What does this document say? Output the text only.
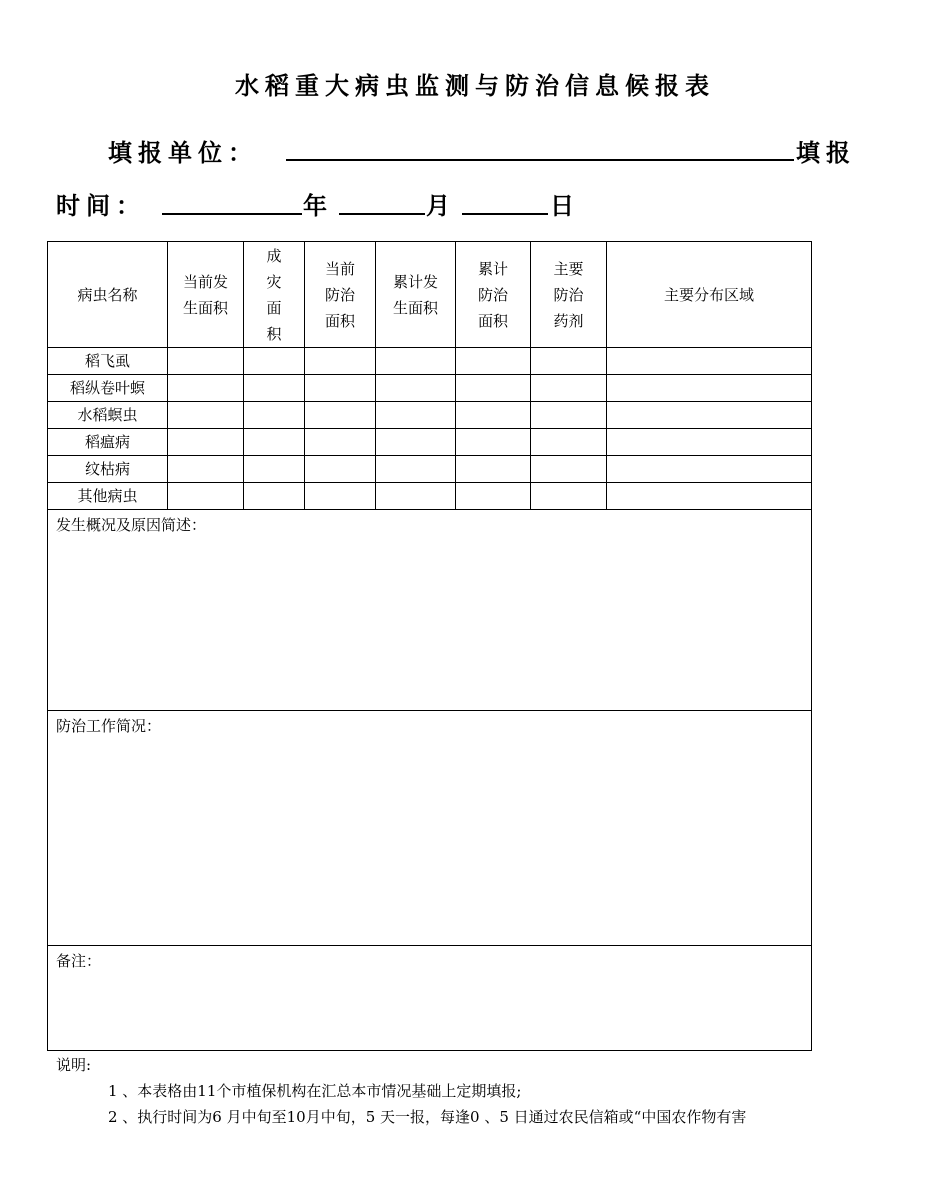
水稻重大病虫监测与防治信息候报表
填报单位：	填报
时间：	年	月	日
病虫名称	当前发生面积	成灾面积	当前防治面积	累计发生面积	累计防治面积	主要防治药剂	主要分布区域
稻飞虱							
稻纵卷叶螟							
水稻螟虫							
稻瘟病							
纹枯病							
其他病虫							
发生概况及原因简述：							
防治工作简况：							
备注：							
说明:
1 、本表格由11个市植保机构在汇总本市情况基础上定期填报;
2 、执行时间为6 月中旬至10月中旬，5 天一报，每逢0 、5 日通过农民信箱或“中国农作物有害
